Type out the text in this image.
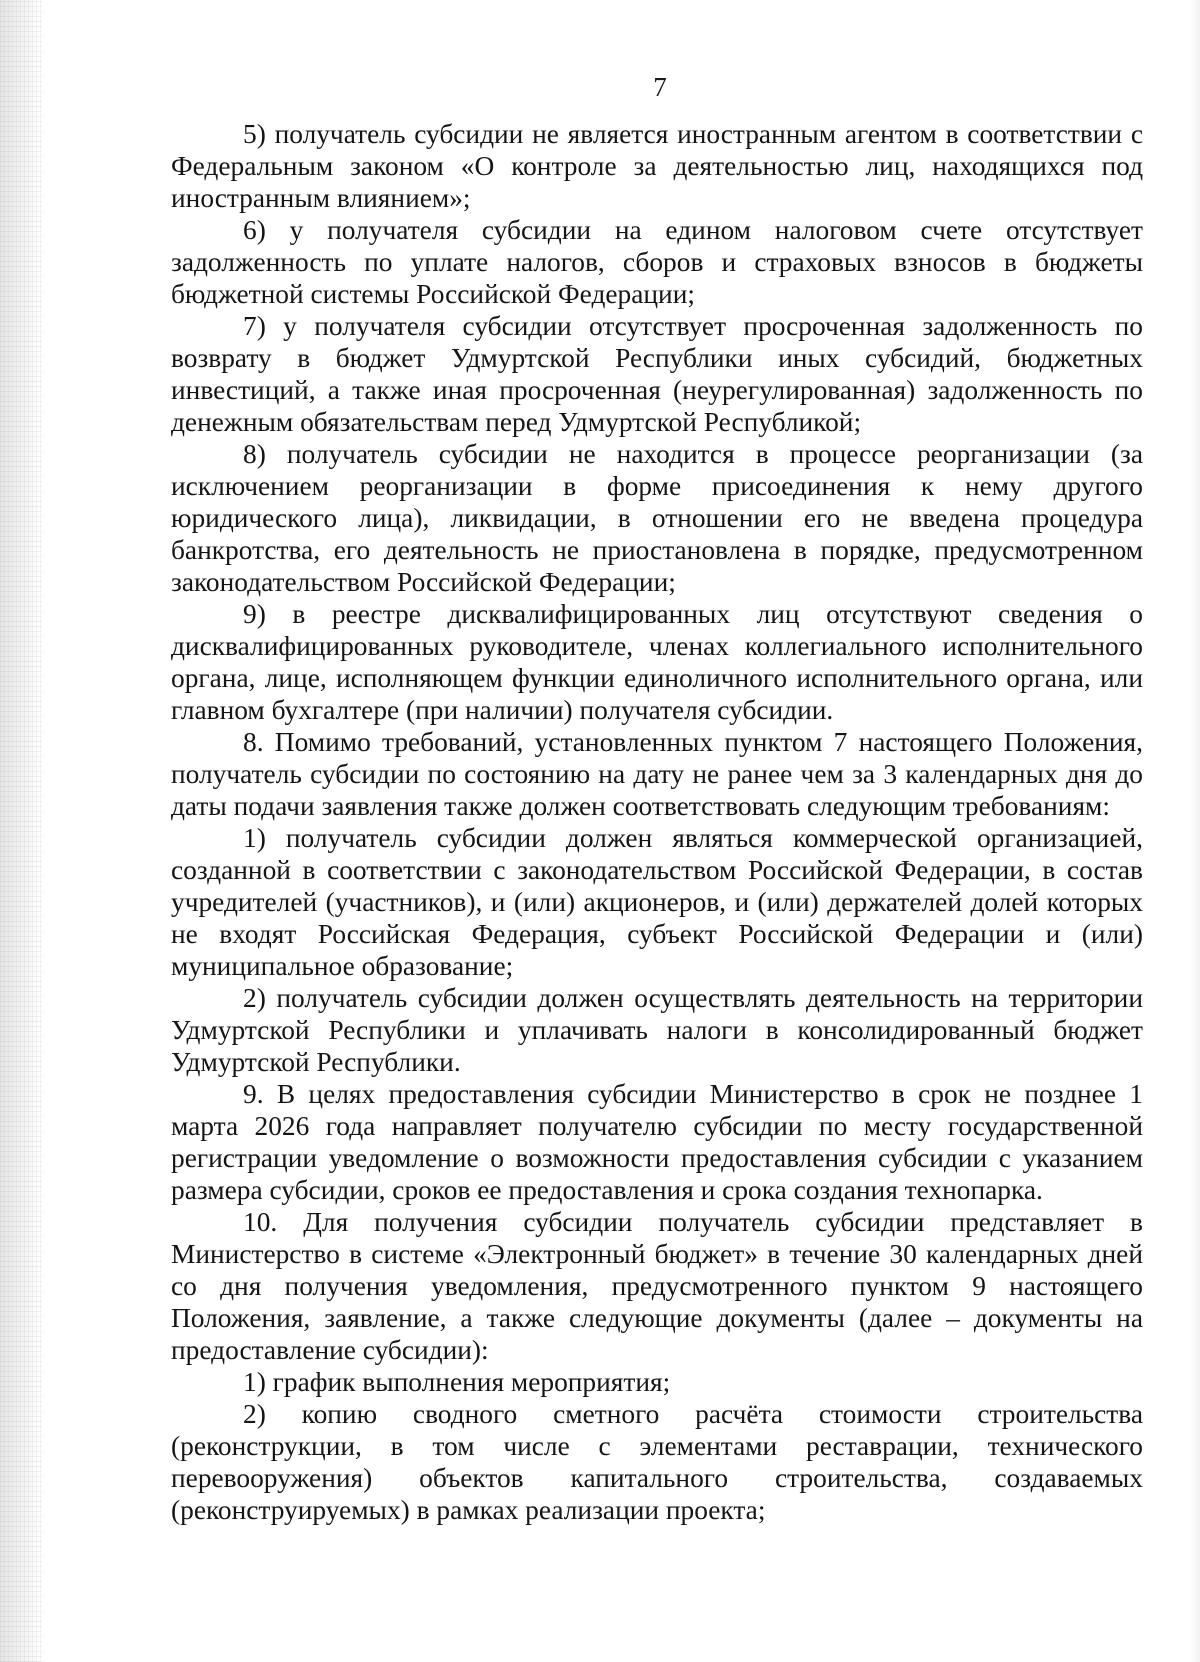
7

5) получатель субсидии не является иностранным агентом в соответствии с Федеральным законом «О контроле за деятельностью лиц, находящихся под иностранным влиянием»;

6) у получателя субсидии на едином налоговом счете отсутствует задолженность по уплате налогов, сборов и страховых взносов в бюджеты бюджетной системы Российской Федерации;

7) у получателя субсидии отсутствует просроченная задолженность по возврату в бюджет Удмуртской Республики иных субсидий, бюджетных инвестиций, а также иная просроченная (неурегулированная) задолженность по денежным обязательствам перед Удмуртской Республикой;

8) получатель субсидии не находится в процессе реорганизации (за исключением реорганизации в форме присоединения к нему другого юридического лица), ликвидации, в отношении его не введена процедура банкротства, его деятельность не приостановлена в порядке, предусмотренном законодательством Российской Федерации;

9) в реестре дисквалифицированных лиц отсутствуют сведения о дисквалифицированных руководителе, членах коллегиального исполнительного органа, лице, исполняющем функции единоличного исполнительного органа, или главном бухгалтере (при наличии) получателя субсидии.

8. Помимо требований, установленных пунктом 7 настоящего Положения, получатель субсидии по состоянию на дату не ранее чем за 3 календарных дня до даты подачи заявления также должен соответствовать следующим требованиям:

1) получатель субсидии должен являться коммерческой организацией, созданной в соответствии с законодательством Российской Федерации, в состав учредителей (участников), и (или) акционеров, и (или) держателей долей которых не входят Российская Федерация, субъект Российской Федерации и (или) муниципальное образование;

2) получатель субсидии должен осуществлять деятельность на территории Удмуртской Республики и уплачивать налоги в консолидированный бюджет Удмуртской Республики.

9. В целях предоставления субсидии Министерство в срок не позднее 1 марта 2026 года направляет получателю субсидии по месту государственной регистрации уведомление о возможности предоставления субсидии с указанием размера субсидии, сроков ее предоставления и срока создания технопарка.

10. Для получения субсидии получатель субсидии представляет в Министерство в системе «Электронный бюджет» в течение 30 календарных дней со дня получения уведомления, предусмотренного пунктом 9 настоящего Положения, заявление, а также следующие документы (далее – документы на предоставление субсидии):

1) график выполнения мероприятия;

2) копию сводного сметного расчёта стоимости строительства (реконструкции, в том числе с элементами реставрации, технического перевооружения) объектов капитального строительства, создаваемых (реконструируемых) в рамках реализации проекта;
